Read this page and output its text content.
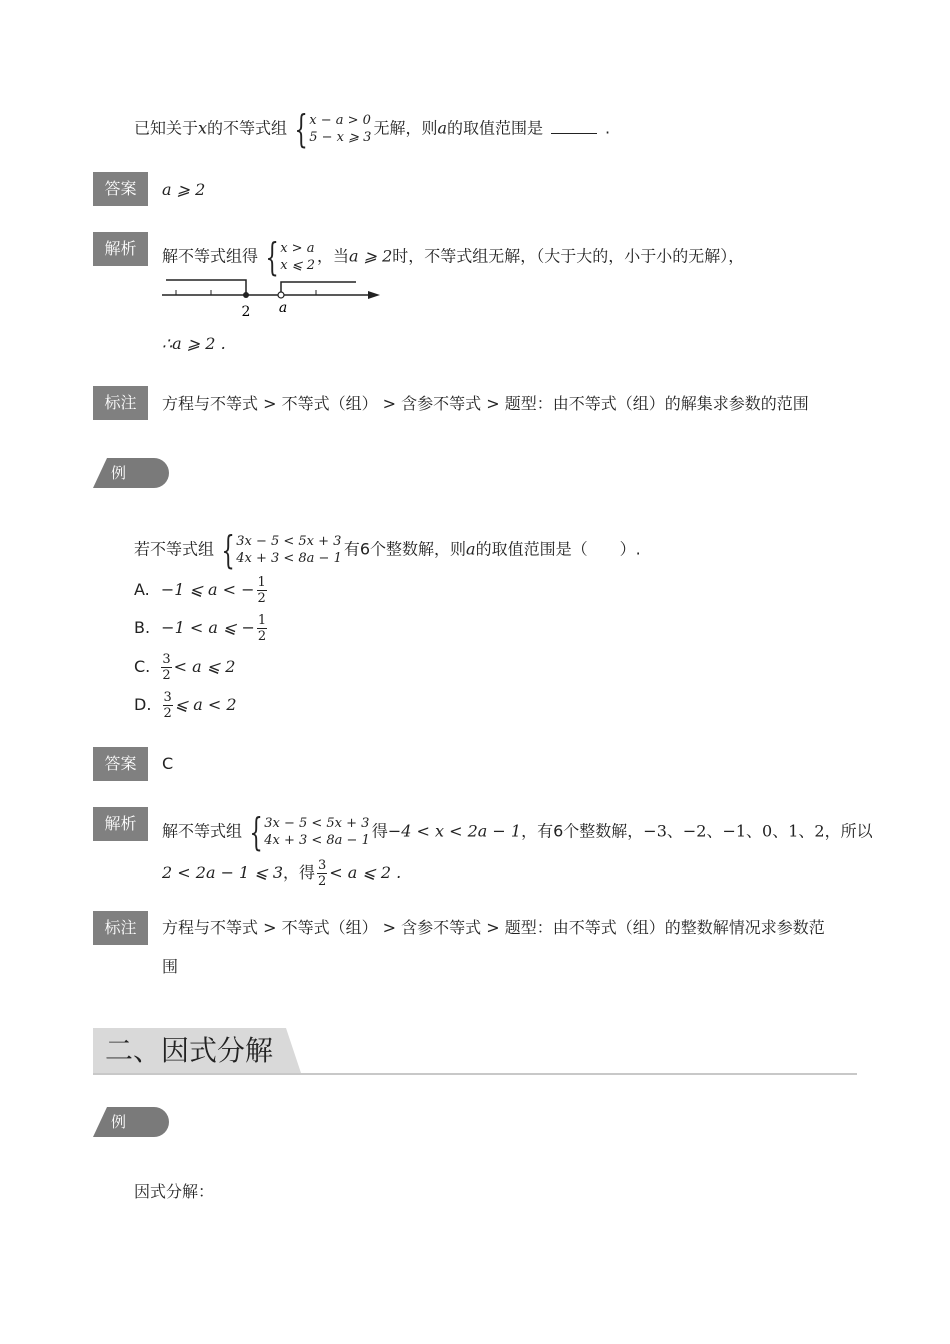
已知关于x的不等式组 { x − a > 0
5 − x ⩾ 3 无解，则a的取值范围是	.
答案	a ⩾ 2
解析	解不等式组得 { x > a
x ⩽ 2 ，当a ⩾ 2时，不等式组无解，（大于大的，小于小的无解），
2 a
∴a ⩾ 2 .
标注	方程与不等式 > 不等式（组） > 含参不等式 > 题型：由不等式（组）的解集求参数的范围
例题4
若不等式组 { 3x − 5 < 5x + 3
4x + 3 < 8a − 1 有6个整数解，则a的取值范围是（　　）.
A. −1 ⩽ a < − $\frac{1}{2}$
B. −1 < a ⩽ − $\frac{1}{2}$
C. $\frac{3}{2} < a$ ⩽ 2
D. $\frac{3}{2}$ ⩽ a < 2
答案	C
解析	解不等式组 { 3x − 5 < 5x + 3
4x + 3 < 8a − 1 得−4 < x < 2a − 1，有6个整数解，−3、−2、−1、0、1、2，所以
2 < 2a − 1 ⩽ 3，得 $\frac{3}{2} < a$ ⩽ 2 .
标注	方程与不等式 > 不等式（组） > 含参不等式 > 题型：由不等式（组）的整数解情况求参数范
围
二、因式分解
例题5 因式分解：
